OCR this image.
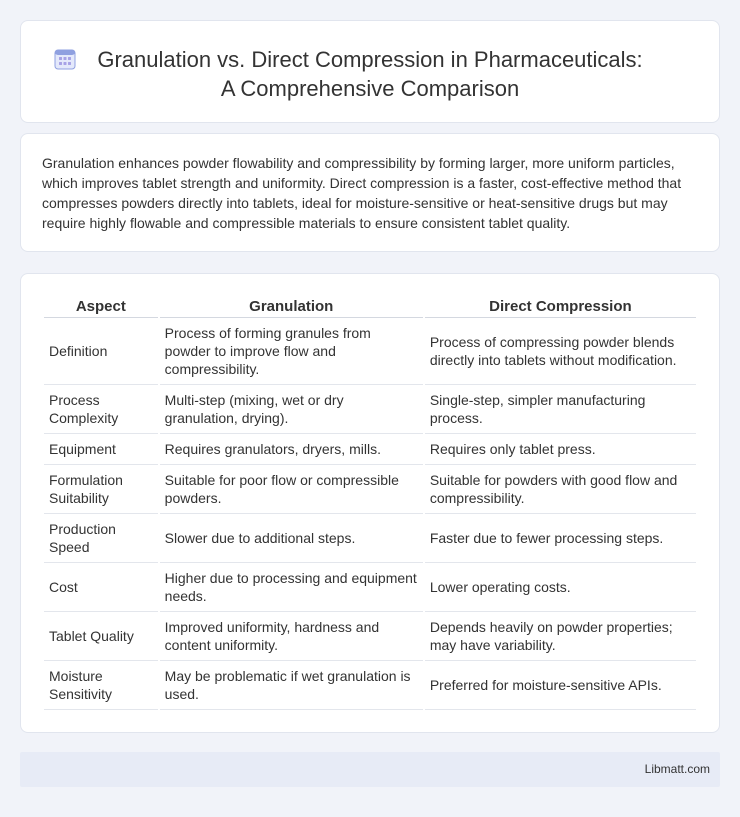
Granulation vs. Direct Compression in Pharmaceuticals:
A Comprehensive Comparison

Granulation enhances powder flowability and compressibility by forming larger, more uniform particles, which improves tablet strength and uniformity. Direct compression is a faster, cost-effective method that compresses powders directly into tablets, ideal for moisture-sensitive or heat-sensitive drugs but may require highly flowable and compressible materials to ensure consistent tablet quality.

Aspect	Granulation	Direct Compression
Definition	Process of forming granules from powder to improve flow and compressibility.	Process of compressing powder blends directly into tablets without modification.
Process Complexity	Multi-step (mixing, wet or dry granulation, drying).	Single-step, simpler manufacturing process.
Equipment	Requires granulators, dryers, mills.	Requires only tablet press.
Formulation Suitability	Suitable for poor flow or compressible powders.	Suitable for powders with good flow and compressibility.
Production Speed	Slower due to additional steps.	Faster due to fewer processing steps.
Cost	Higher due to processing and equipment needs.	Lower operating costs.
Tablet Quality	Improved uniformity, hardness and content uniformity.	Depends heavily on powder properties; may have variability.
Moisture Sensitivity	May be problematic if wet granulation is used.	Preferred for moisture-sensitive APIs.
Libmatt.com
